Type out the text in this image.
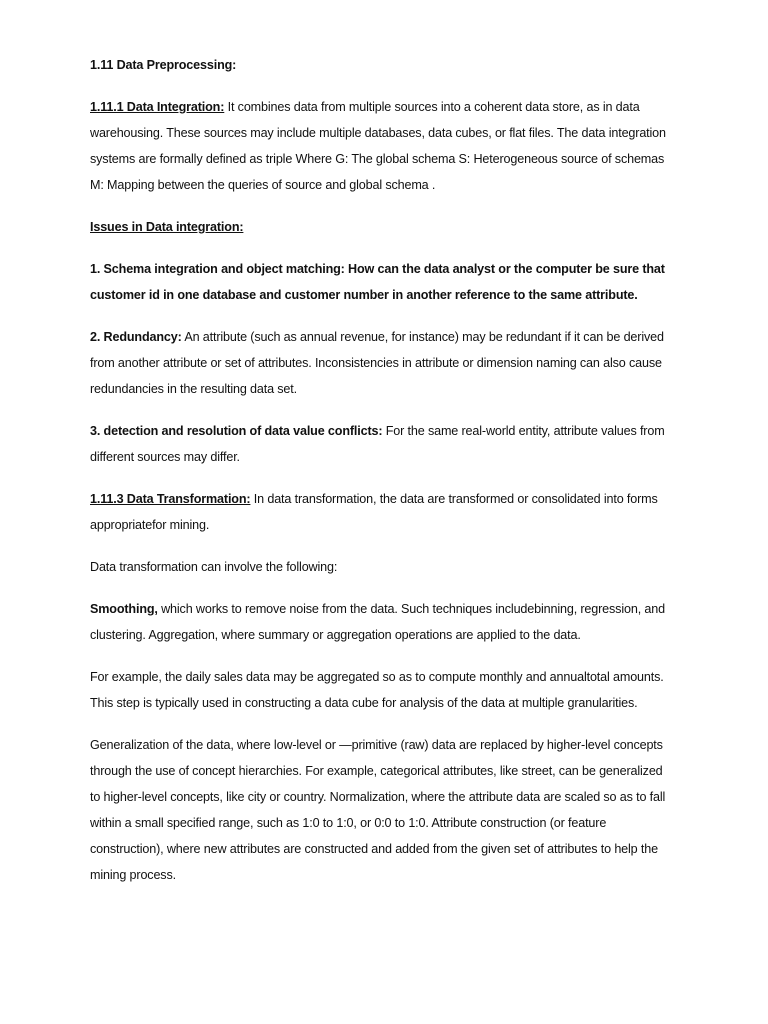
1.11 Data Preprocessing:

1.11.1 Data Integration: It combines data from multiple sources into a coherent data store, as in data warehousing. These sources may include multiple databases, data cubes, or flat files. The data integration systems are formally defined as triple Where G: The global schema S: Heterogeneous source of schemas M: Mapping between the queries of source and global schema .

Issues in Data integration:

1. Schema integration and object matching: How can the data analyst or the computer be sure that customer id in one database and customer number in another reference to the same attribute.

2. Redundancy: An attribute (such as annual revenue, for instance) may be redundant if it can be derived from another attribute or set of attributes. Inconsistencies in attribute or dimension naming can also cause redundancies in the resulting data set.

3. detection and resolution of data value conflicts: For the same real-world entity, attribute values from different sources may differ.

1.11.3 Data Transformation: In data transformation, the data are transformed or consolidated into forms appropriatefor mining.

Data transformation can involve the following:

Smoothing, which works to remove noise from the data. Such techniques includebinning, regression, and clustering. Aggregation, where summary or aggregation operations are applied to the data.

For example, the daily sales data may be aggregated so as to compute monthly and annualtotal amounts. This step is typically used in constructing a data cube for analysis of the data at multiple granularities.

Generalization of the data, where low-level or —primitive (raw) data are replaced by higher-level concepts through the use of concept hierarchies. For example, categorical attributes, like street, can be generalized to higher-level concepts, like city or country. Normalization, where the attribute data are scaled so as to fall within a small specified range, such as 1:0 to 1:0, or 0:0 to 1:0. Attribute construction (or feature construction), where new attributes are constructed and added from the given set of attributes to help the mining process.
